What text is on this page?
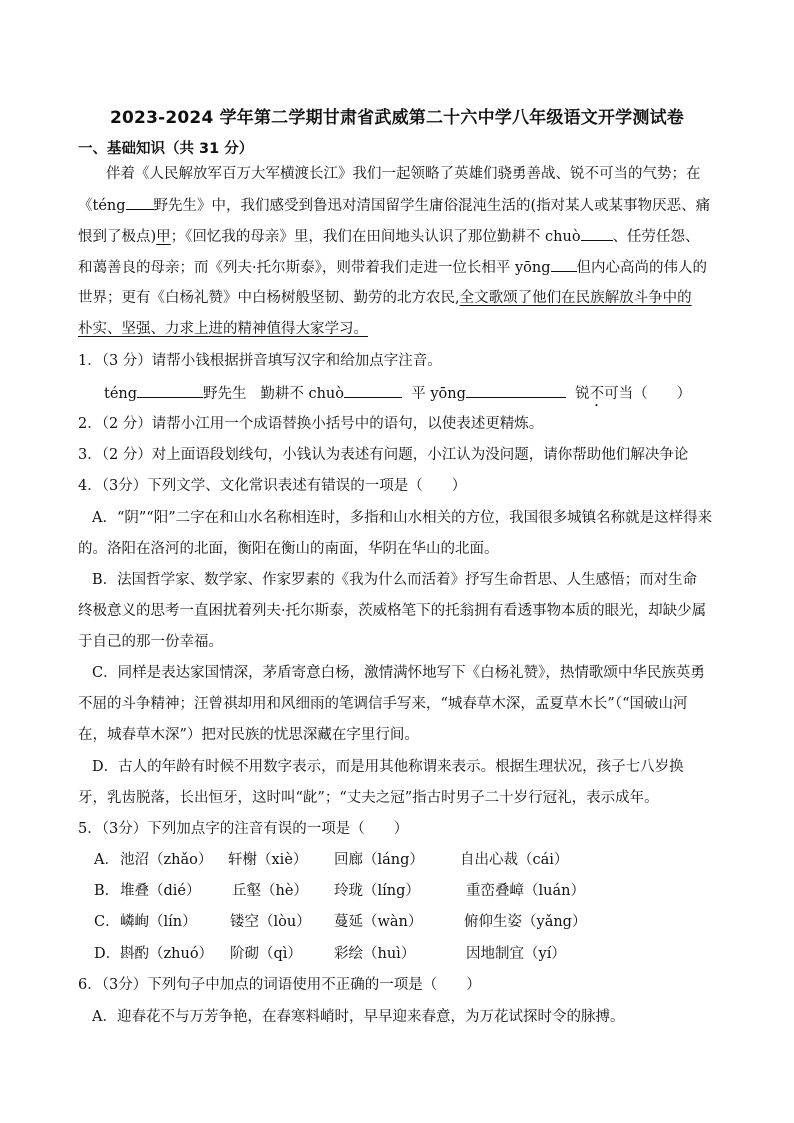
2023-2024 学年第二学期甘肃省武威第二十六中学八年级语文开学测试卷
一、基础知识（共 31 分）
伴着《人民解放军百万大军横渡长江》我们一起领略了英雄们骁勇善战、锐不可当的气势；在
《téng 野先生》中，我们感受到鲁迅对清国留学生庸俗混沌生活的(指对某人或某事物厌恶、痛
恨到了极点)甲；《回忆我的母亲》里，我们在田间地头认识了那位勤耕不 chuò 、任劳任怨、
和蔼善良的母亲；而《列夫·托尔斯泰》，则带着我们走进一位长相平 yōng 但内心高尚的伟人的
世界；更有《白杨礼赞》中白杨树般坚韧、勤劳的北方农民,全文歌颂了他们在民族解放斗争中的
朴实、坚强、力求上进的精神值得大家学习。
1．（3 分）请帮小钱根据拼音填写汉字和给加点字注音。
téng	野先生 勤耕不 chuò	平 yōng	锐不可当（　　）
2．（2 分）请帮小江用一个成语替换小括号中的语句，以使表述更精炼。
3．（2 分）对上面语段划线句，小钱认为表述有问题，小江认为没问题，请你帮助他们解决争论
4．（3分）下列文学、文化常识表述有错误的一项是（　　）
A．“阴”“阳”二字在和山水名称相连时，多指和山水相关的方位，我国很多城镇名称就是这样得来
的。洛阳在洛河的北面，衡阳在衡山的南面，华阴在华山的北面。
B．法国哲学家、数学家、作家罗素的《我为什么而活着》抒写生命哲思、人生感悟；而对生命
终极意义的思考一直困扰着列夫·托尔斯泰，茨威格笔下的托翁拥有看透事物本质的眼光，却缺少属
于自己的那一份幸福。
C．同样是表达家国情深，茅盾寄意白杨，激情满怀地写下《白杨礼赞》，热情歌颂中华民族英勇
不屈的斗争精神；汪曾祺却用和风细雨的笔调信手写来，“城春草木深，孟夏草木长”（“国破山河
在，城春草木深”）把对民族的忧思深藏在字里行间。
D．古人的年龄有时候不用数字表示，而是用其他称谓来表示。根据生理状况，孩子七八岁换
牙，乳齿脱落，长出恒牙，这时叫“龀”；“丈夫之冠”指古时男子二十岁行冠礼，表示成年。
5．（3分）下列加点字的注音有误的一项是（　　）
A． 池沼（zhǎo） 轩榭（xiè） 回廊（láng） 自出心裁（cái）
B． 堆叠（dié） 丘壑（hè） 玲珑（líng）	重峦叠嶂（luán）
C． 嶙峋（lín） 镂空（lòu） 蔓延（wàn）	俯仰生姿（yǎng）
D． 斟酌（zhuó） 阶砌（qì） 彩绘（huì）	因地制宜（yí）
6．（3分）下列句子中加点的词语使用不正确的一项是（　　）
A．迎春花不与万芳争艳，在春寒料峭时，早早迎来春意，为万花试探时令的脉搏。
